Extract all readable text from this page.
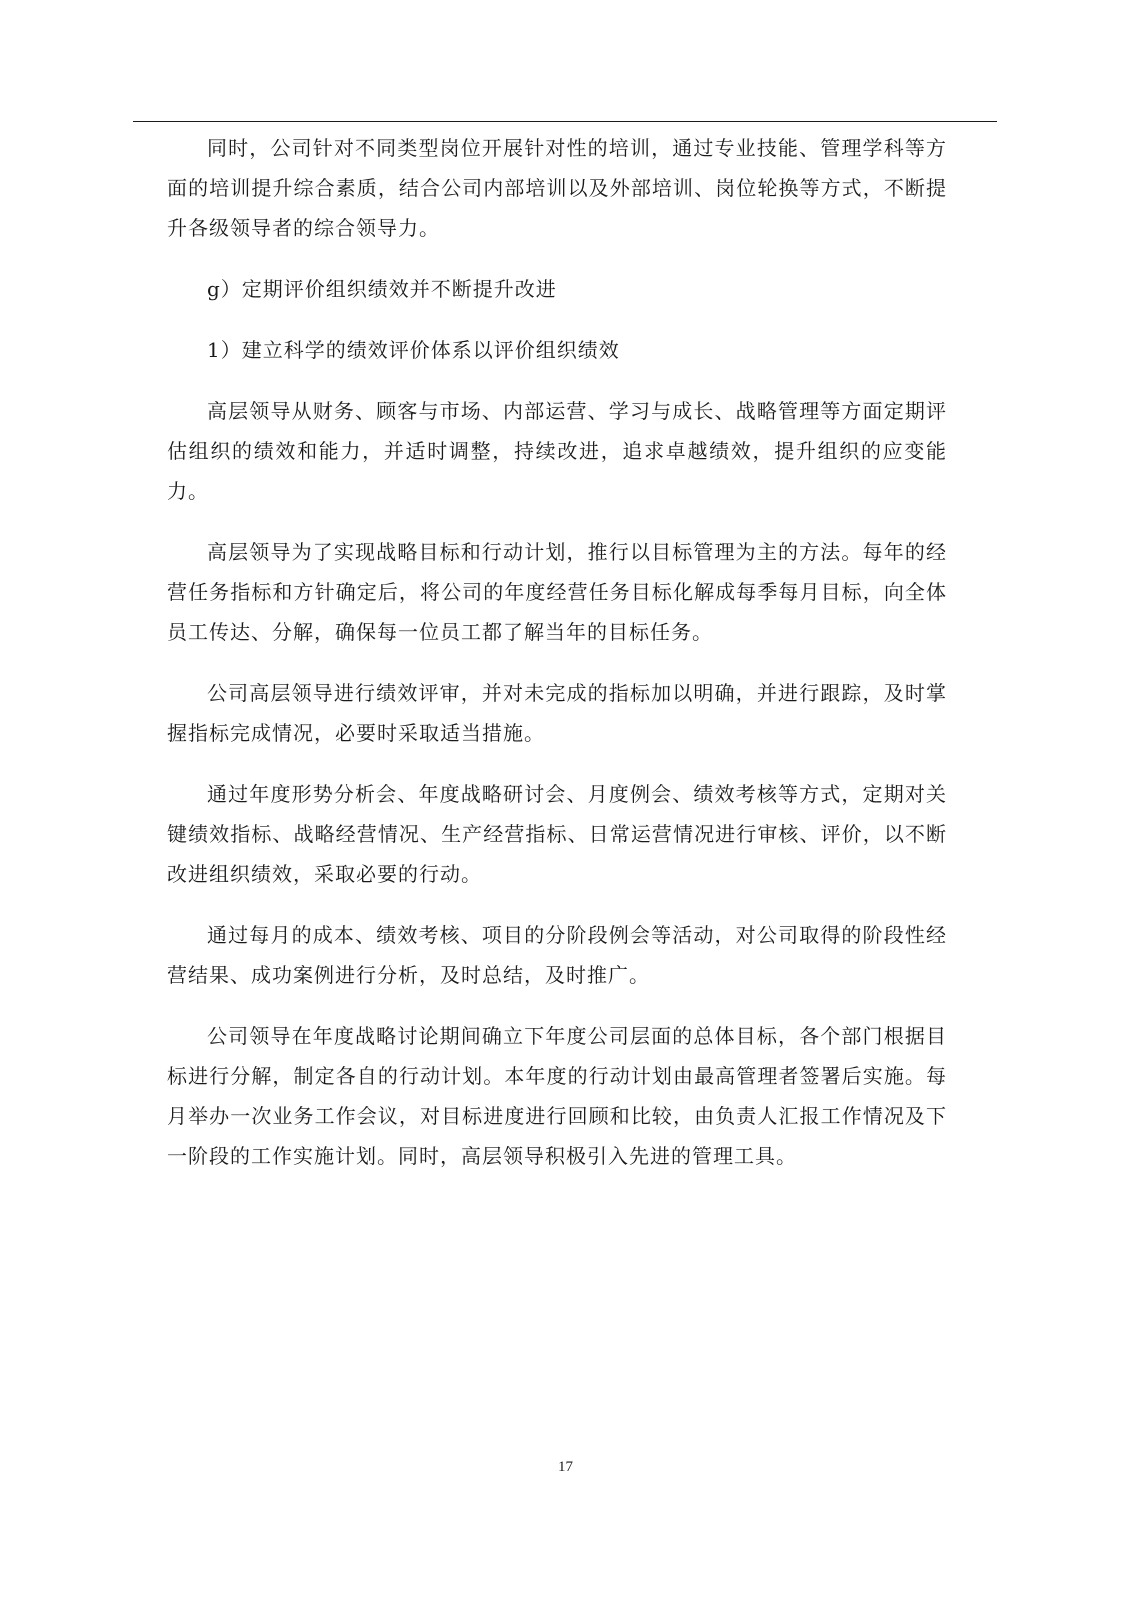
同时，公司针对不同类型岗位开展针对性的培训，通过专业技能、管理学科等方面的培训提升综合素质，结合公司内部培训以及外部培训、岗位轮换等方式，不断提升各级领导者的综合领导力。

g）定期评价组织绩效并不断提升改进

1）建立科学的绩效评价体系以评价组织绩效

高层领导从财务、顾客与市场、内部运营、学习与成长、战略管理等方面定期评估组织的绩效和能力，并适时调整，持续改进，追求卓越绩效，提升组织的应变能力。

高层领导为了实现战略目标和行动计划，推行以目标管理为主的方法。每年的经营任务指标和方针确定后，将公司的年度经营任务目标化解成每季每月目标，向全体员工传达、分解，确保每一位员工都了解当年的目标任务。

公司高层领导进行绩效评审，并对未完成的指标加以明确，并进行跟踪，及时掌握指标完成情况，必要时采取适当措施。

通过年度形势分析会、年度战略研讨会、月度例会、绩效考核等方式，定期对关键绩效指标、战略经营情况、生产经营指标、日常运营情况进行审核、评价，以不断改进组织绩效，采取必要的行动。

通过每月的成本、绩效考核、项目的分阶段例会等活动，对公司取得的阶段性经营结果、成功案例进行分析，及时总结，及时推广。

公司领导在年度战略讨论期间确立下年度公司层面的总体目标，各个部门根据目标进行分解，制定各自的行动计划。本年度的行动计划由最高管理者签署后实施。每月举办一次业务工作会议，对目标进度进行回顾和比较，由负责人汇报工作情况及下一阶段的工作实施计划。同时，高层领导积极引入先进的管理工具。

17
